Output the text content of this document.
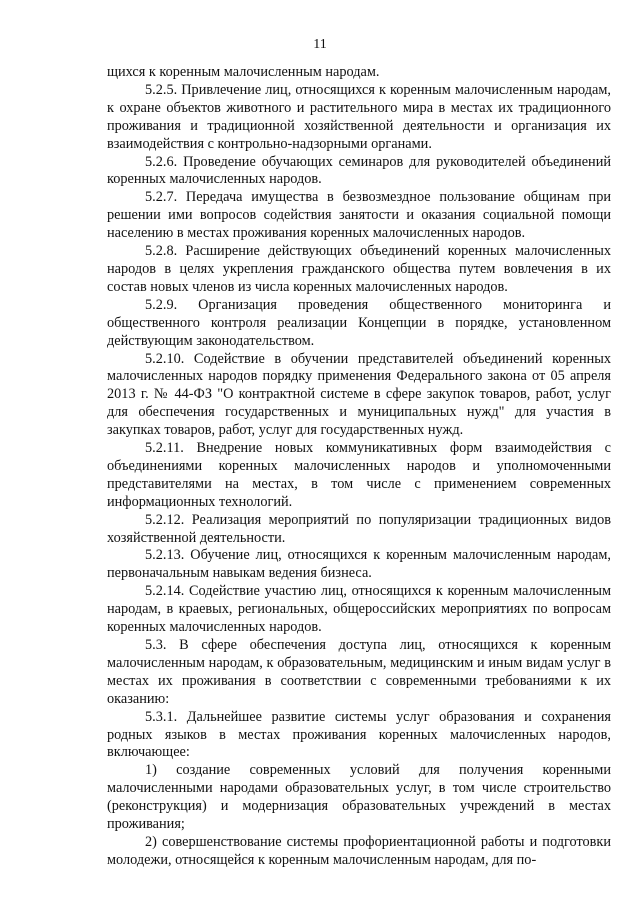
11

щихся к коренным малочисленным народам.

5.2.5. Привлечение лиц, относящихся к коренным малочисленным народам, к охране объектов животного и растительного мира в местах их традиционного проживания и традиционной хозяйственной деятельности и организация их взаимодействия с контрольно-надзорными органами.

5.2.6. Проведение обучающих семинаров для руководителей объединений коренных малочисленных народов.

5.2.7. Передача имущества в безвозмездное пользование общинам при решении ими вопросов содействия занятости и оказания социальной помощи населению в местах проживания коренных малочисленных народов.

5.2.8. Расширение действующих объединений коренных малочисленных народов в целях укрепления гражданского общества путем вовлечения в их состав новых членов из числа коренных малочисленных народов.

5.2.9. Организация проведения общественного мониторинга и общественного контроля реализации Концепции в порядке, установленном действующим законодательством.

5.2.10. Содействие в обучении представителей объединений коренных малочисленных народов порядку применения Федерального закона от 05 апреля 2013 г. № 44-ФЗ "О контрактной системе в сфере закупок товаров, работ, услуг для обеспечения государственных и муниципальных нужд" для участия в закупках товаров, работ, услуг для государственных нужд.

5.2.11. Внедрение новых коммуникативных форм взаимодействия с объединениями коренных малочисленных народов и уполномоченными представителями на местах, в том числе с применением современных информационных технологий.

5.2.12. Реализация мероприятий по популяризации традиционных видов хозяйственной деятельности.

5.2.13. Обучение лиц, относящихся к коренным малочисленным народам, первоначальным навыкам ведения бизнеса.

5.2.14. Содействие участию лиц, относящихся к коренным малочисленным народам, в краевых, региональных, общероссийских мероприятиях по вопросам коренных малочисленных народов.

5.3. В сфере обеспечения доступа лиц, относящихся к коренным малочисленным народам, к образовательным, медицинским и иным видам услуг в местах их проживания в соответствии с современными требованиями к их оказанию:

5.3.1. Дальнейшее развитие системы услуг образования и сохранения родных языков в местах проживания коренных малочисленных народов, включающее:

1) создание современных условий для получения коренными малочисленными народами образовательных услуг, в том числе строительство (реконструкция) и модернизация образовательных учреждений в местах проживания;

2) совершенствование системы профориентационной работы и подготовки молодежи, относящейся к коренным малочисленным народам, для по-
